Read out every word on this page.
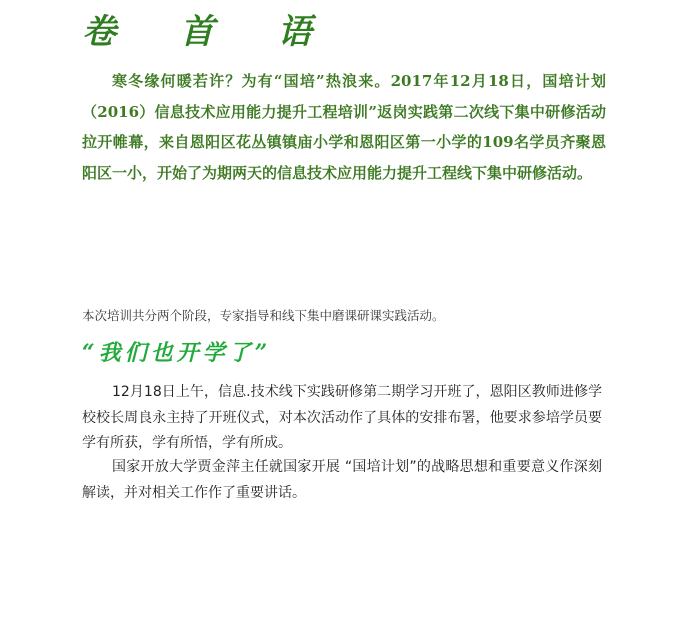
卷 首 语

寒冬缘何暖若许？为有“国培”热浪来。2017年12月18日，国培计划（2016）信息技术应用能力提升工程培训”返岗实践第二次线下集中研修活动拉开帷幕，来自恩阳区花丛镇镇庙小学和恩阳区第一小学的109名学员齐聚恩阳区一小，开始了为期两天的信息技术应用能力提升工程线下集中研修活动。

本次培训共分两个阶段，专家指导和线下集中磨课研课实践活动。

“我们也开学了”

12月18日上午，信息.技术线下实践研修第二期学习开班了，恩阳区教师进修学校校长周良永主持了开班仪式，对本次活动作了具体的安排布署，他要求参培学员要学有所获，学有所悟，学有所成。

国家开放大学贾金萍主任就国家开展 “国培计划”的战略思想和重要意义作深刻解读，并对相关工作作了重要讲话。
